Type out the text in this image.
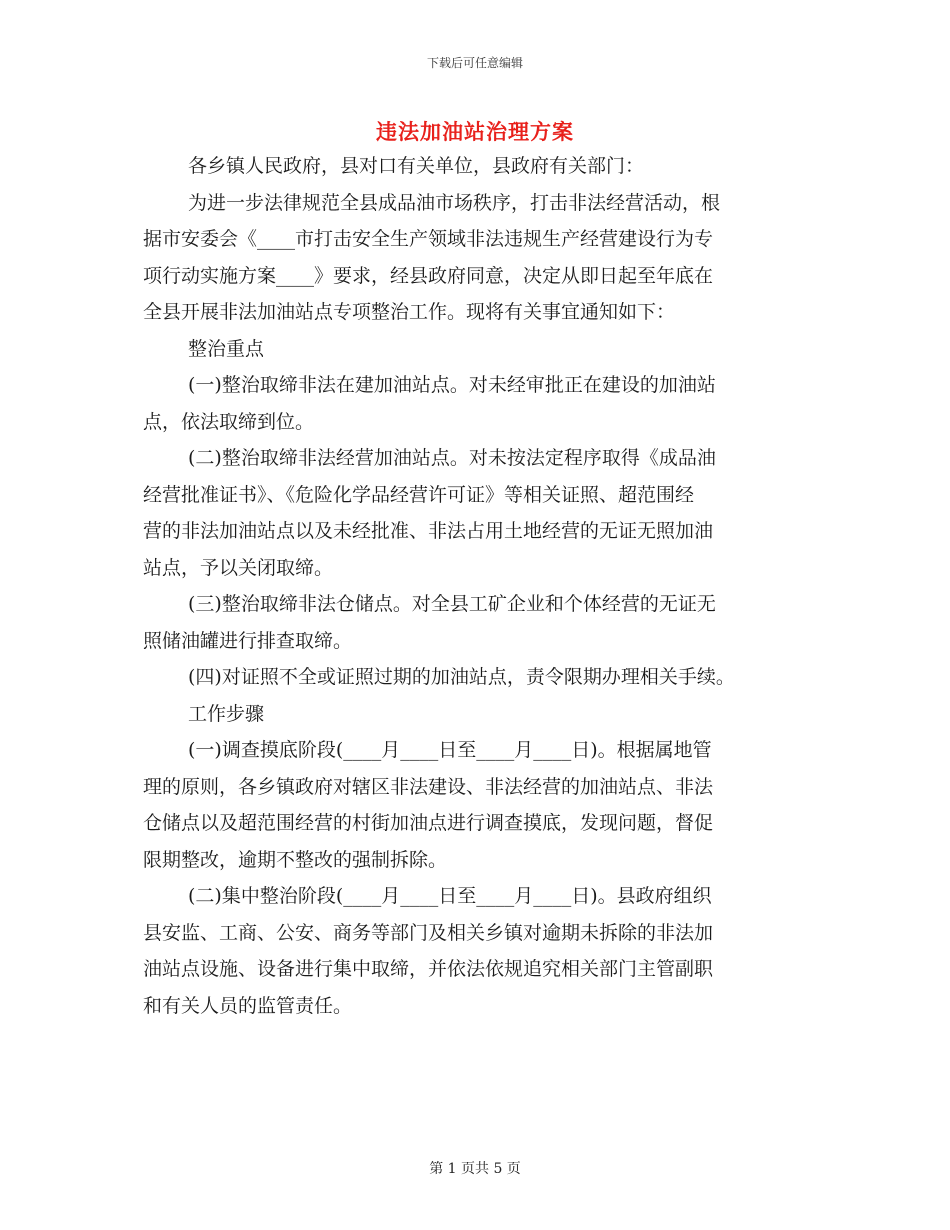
下载后可任意编辑
违法加油站治理方案
各乡镇人民政府，县对口有关单位，县政府有关部门：
为进一步法律规范全县成品油市场秩序，打击非法经营活动，根
据市安委会《____市打击安全生产领域非法违规生产经营建设行为专
项行动实施方案____》要求，经县政府同意，决定从即日起至年底在
全县开展非法加油站点专项整治工作。现将有关事宜通知如下：
整治重点
(一)整治取缔非法在建加油站点。对未经审批正在建设的加油站
点，依法取缔到位。
(二)整治取缔非法经营加油站点。对未按法定程序取得《成品油
经营批准证书》、《危险化学品经营许可证》等相关证照、超范围经
营的非法加油站点以及未经批准、非法占用土地经营的无证无照加油
站点，予以关闭取缔。
(三)整治取缔非法仓储点。对全县工矿企业和个体经营的无证无
照储油罐进行排查取缔。
(四)对证照不全或证照过期的加油站点，责令限期办理相关手续。
工作步骤
(一)调查摸底阶段(____月____日至____月____日)。根据属地管
理的原则，各乡镇政府对辖区非法建设、非法经营的加油站点、非法
仓储点以及超范围经营的村街加油点进行调查摸底，发现问题，督促
限期整改，逾期不整改的强制拆除。
(二)集中整治阶段(____月____日至____月____日)。县政府组织
县安监、工商、公安、商务等部门及相关乡镇对逾期未拆除的非法加
油站点设施、设备进行集中取缔，并依法依规追究相关部门主管副职
和有关人员的监管责任。
第 1 页共 5 页
